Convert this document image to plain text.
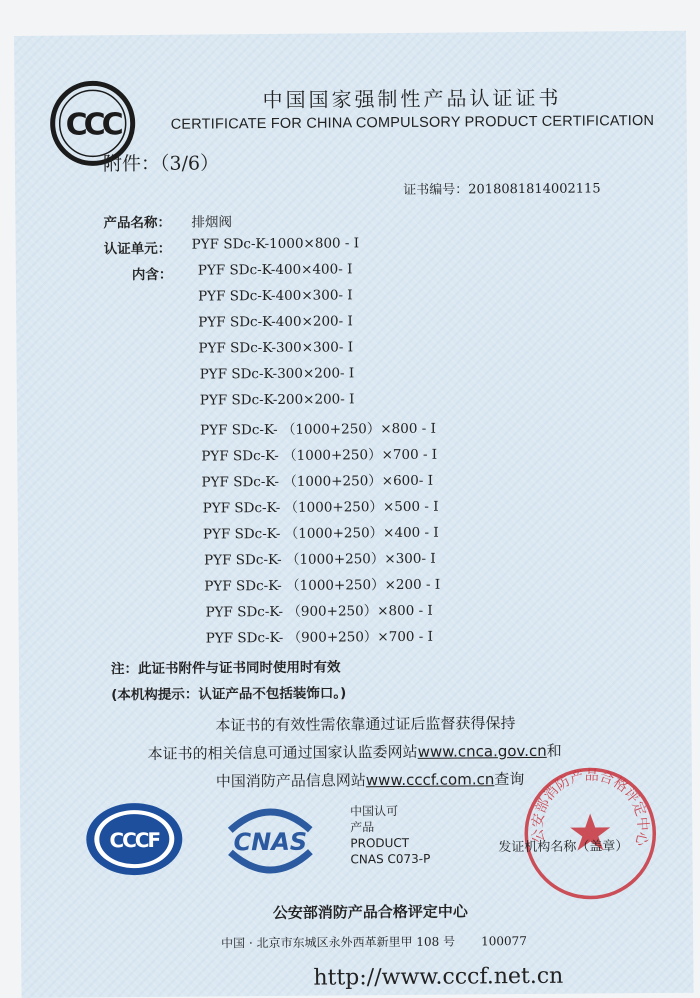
CCC
中国国家强制性产品认证证书
CERTIFICATE FOR CHINA COMPULSORY PRODUCT CERTIFICATION
附件：（3/6）
证书编号：2018081814002115
产品名称： 排烟阀
认证单元： PYF SDc-K-1000×800 - I
内含： PYF SDc-K-400×400- I
PYF SDc-K-400×300- I
PYF SDc-K-400×200- I
PYF SDc-K-300×300- I
PYF SDc-K-300×200- I
PYF SDc-K-200×200- I
PYF SDc-K- （1000+250）×800 - I
PYF SDc-K- （1000+250）×700 - I
PYF SDc-K- （1000+250）×600- I
PYF SDc-K- （1000+250）×500 - I
PYF SDc-K- （1000+250）×400 - I
PYF SDc-K- （1000+250）×300- I
PYF SDc-K- （1000+250）×200 - I
PYF SDc-K- （900+250）×800 - I
PYF SDc-K- （900+250）×700 - I
注：此证书附件与证书同时使用时有效
(本机构提示：认证产品不包括装饰口。)
本证书的有效性需依靠通过证后监督获得保持
本证书的相关信息可通过国家认监委网站www.cnca.gov.cn和
中国消防产品信息网站www.cccf.com.cn查询
CCCF	CNAS
中国认可
产品
PRODUCT
CNAS C073-P
公安部消防产品合格评定中心
发证机构名称（盖章）
公安部消防产品合格评定中心
中国 · 北京市东城区永外西革新里甲 108 号 100077
http://www.cccf.net.cn
